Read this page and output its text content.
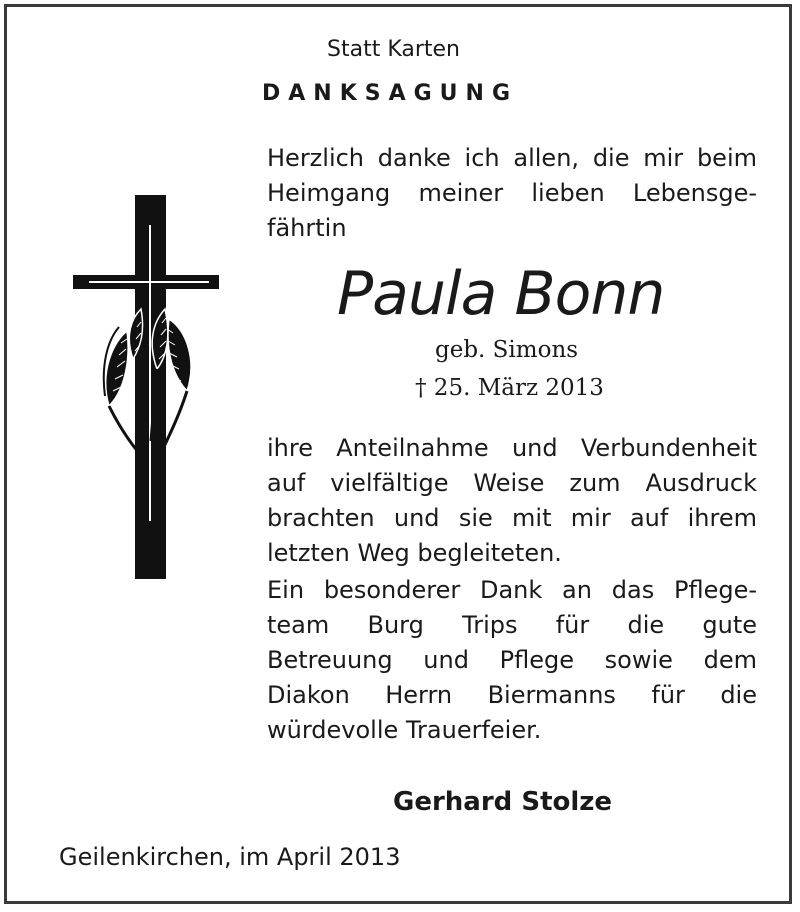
Statt Karten

DANKSAGUNG

Herzlich danke ich allen, die mir beim
Heimgang meiner lieben Lebensge-
fährtin

Paula Bonn

geb. Simons

† 25. März 2013

ihre Anteilnahme und Verbundenheit
auf vielfältige Weise zum Ausdruck
brachten und sie mit mir auf ihrem
letzten Weg begleiteten.
Ein besonderer Dank an das Pflege-
team Burg Trips für die gute
Betreuung und Pflege sowie dem
Diakon Herrn Biermanns für die
würdevolle Trauerfeier.

Gerhard Stolze

Geilenkirchen, im April 2013
